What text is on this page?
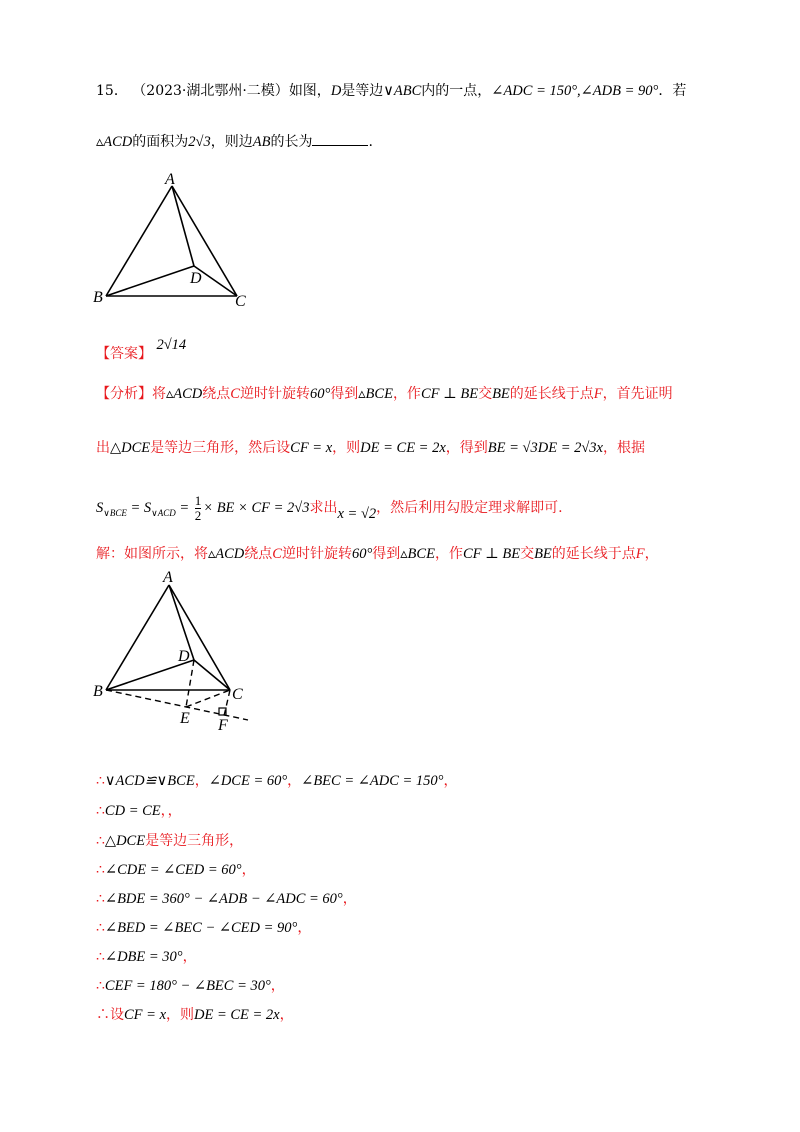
15． （2023·湖北鄂州·二模）如图，D是等边∨ABC内的一点，∠ADC = 150°,∠ADB = 90°．若
▵ACD的面积为2√3，则边AB的长为	.
A
B	C
D
【答案】 2√14
【分析】将▵ACD绕点C逆时针旋转60°得到▵BCE，作CF ⊥ BE交BE的延长线于点F，首先证明
出△DCE是等边三角形，然后设CF = x，则DE = CE = 2x，得到BE = √3DE = 2√3x，根据
$S_{\vee BCE} = S_{\vee ACD} = \frac{1}{2}$ × BE × CF = 2√3求出x = √2，然后利用勾股定理求解即可.
解：如图所示，将▵ACD绕点C逆时针旋转60°得到▵BCE，作CF ⊥ BE交BE的延长线于点F，
A
B	C
D
E F
∴∨ACD≌∨BCE，∠DCE = 60°，∠BEC = ∠ADC = 150°，
∴CD = CE，，
∴△DCE是等边三角形，
∴∠CDE = ∠CED = 60°，
∴∠BDE = 360° − ∠ADB − ∠ADC = 60°，
∴∠BED = ∠BEC − ∠CED = 90°，
∴∠DBE = 30°，
∴CEF = 180° − ∠BEC = 30°，
∴设CF = x，则DE = CE = 2x，
